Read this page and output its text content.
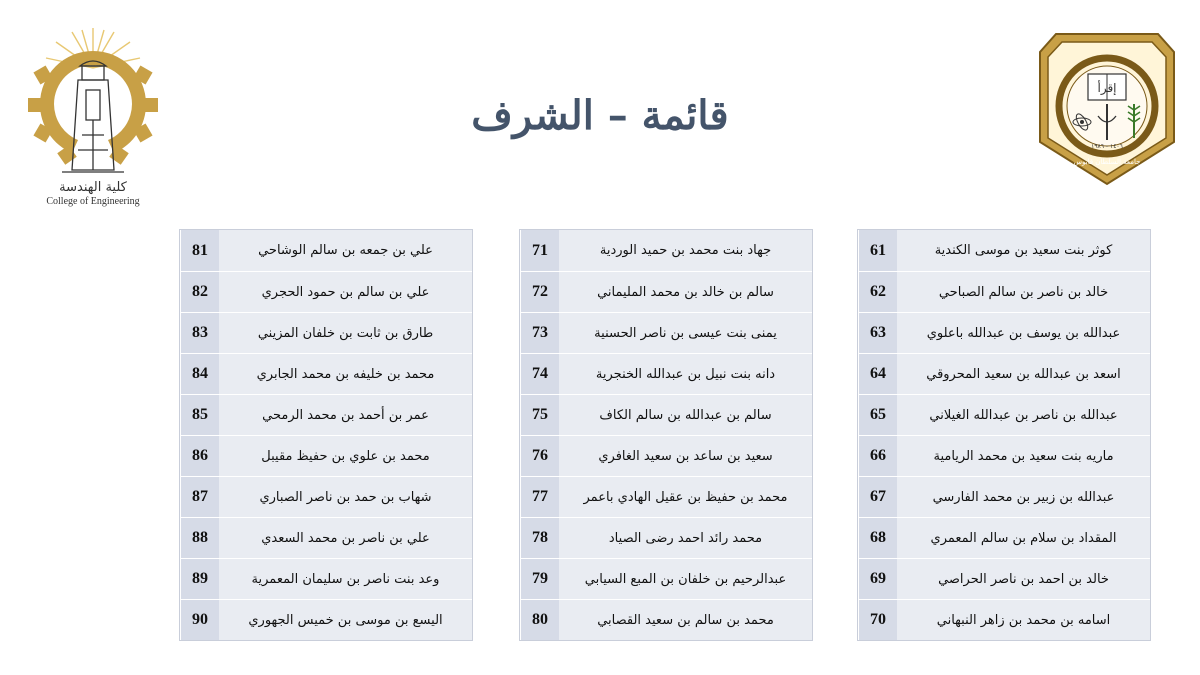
كلية الهندسة
College of Engineering
قائمة – الشرف
إقرأ
١٤٠٦ - ١٩٨٦
جامعة السلطان قابوس
61	كوثر بنت سعيد بن موسى الكندية
62	خالد بن ناصر بن سالم الصباحي
63	عبدالله بن يوسف بن عبدالله باعلوي
64	اسعد بن عبدالله بن سعيد المحروقي
65	عبدالله بن ناصر بن عبدالله الغيلاني
66	ماريه بنت سعيد بن محمد الريامية
67	عبدالله بن زبير بن محمد الفارسي
68	المقداد بن سلام بن سالم المعمري
69	خالد بن احمد بن ناصر الحراصي
70	اسامه بن محمد بن زاهر النبهاني
71	جهاد بنت محمد بن حميد الوردية
72	سالم بن خالد بن محمد المليماني
73	يمنى بنت عيسى بن ناصر الحسنية
74	دانه بنت نبيل بن عبدالله الخنجرية
75	سالم بن عبدالله بن سالم الكاف
76	سعيد بن ساعد بن سعيد الغافري
77	محمد بن حفيظ بن عقيل الهادي باعمر
78	محمد رائد احمد رضى الصياد
79	عبدالرحيم بن خلفان بن المبع السيابي
80	محمد بن سالم بن سعيد القصابي
81	علي بن جمعه بن سالم الوشاحي
82	علي بن سالم بن حمود الحجري
83	طارق بن ثابت بن خلفان المزيني
84	محمد بن خليفه بن محمد الجابري
85	عمر بن أحمد بن محمد الرمحي
86	محمد بن علوي بن حفيظ مقيبل
87	شهاب بن حمد بن ناصر الصباري
88	علي بن ناصر بن محمد السعدي
89	وعد بنت ناصر بن سليمان المعمرية
90	اليسع بن موسى بن خميس الجهوري
